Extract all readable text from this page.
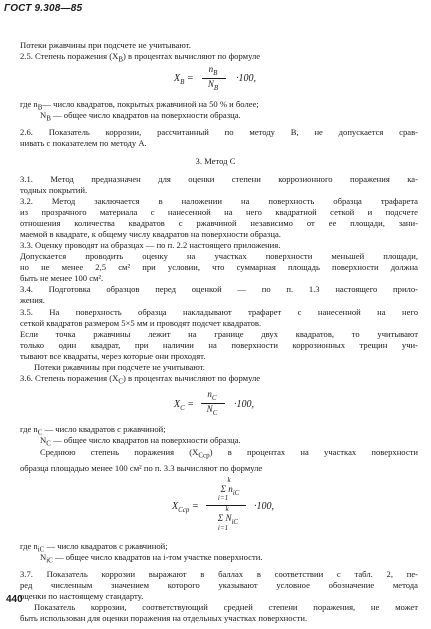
ГОСТ 9.308—85
Потеки ржавчины при подсчете не учитывают.
2.5. Степень поражения $(X_B)$ в процентах вычисляют по формуле
$X_B$ =
$n_B$
$N_B$
·100,
где $n_B—$ число квадратов, покрытых ржавчиной на 50 % и более;
$N_B$ — общее число квадратов на поверхности образца.
2.6. Показатель коррозии, рассчитанный по методу В, не допускается срав-
нивать с показателем по методу А.
3. Метод С
3.1. Метод предназначен для оценки степени коррозионного поражения ка-
тодных покрытий.
3.2. Метод заключается в наложении на поверхность образца трафарета
из прозрачного материала с нанесенной на него квадратной сеткой и подсчете
отношения количества квадратов с ржавчиной независимо от ее площади, зани-
маемой в квадрате, к общему числу квадратов на поверхности образца.
3.3. Оценку проводят на образцах — по п. 2.2 настоящего приложения.
Допускается проводить оценку на участках поверхности меньшей площади,
но не менее 2,5 см² при условии, что суммарная площадь поверхности должна
быть не менее 100 см².
3.4. Подготовка образцов перед оценкой — по п. 1.3 настоящего прило-
жения.
3.5. На поверхность образца накладывают трафарет с нанесенной на него
сеткой квадратов размером 5×5 мм и проводят подсчет квадратов.
Если точка ржавчины лежит на границе двух квадратов, то учитывают
только один квадрат, при наличии на поверхности коррозионных трещин учи-
тывают все квадраты, через которые они проходят.
Потеки ржавчины при подсчете не учитывают.
3.6. Степень поражения $(X_C)$ в процентах вычисляют по формуле
$X_C$ =
$n_C$
$N_C$
·100,
где $n_C$ — число квадратов с ржавчиной;
$N_C$ — общее число квадратов на поверхности образца.
Среднюю степень поражения $(X_{Cср})$ в процентах на участках поверхности
образца площадью менее 100 см² по п. 3.3 вычисляют по формуле
$X_{Cср}$ =
k
Σ $n_{iC}$
i=1
k
Σ $N_{iC}$
i=1
·100,
где $n_{iC}$ — число квадратов с ржавчиной;
$N_{iC}$ — общее число квадратов на i-том участке поверхности.
3.7. Показатель коррозии выражают в баллах в соответствии с табл. 2, пе-
ред численным значением которого указывают условное обозначение метода
оценки по настоящему стандарту.
Показатель коррозии, соответствующий средней степени поражения, не может
быть использован для оценки поражения на отдельных участках поверхности.
440
